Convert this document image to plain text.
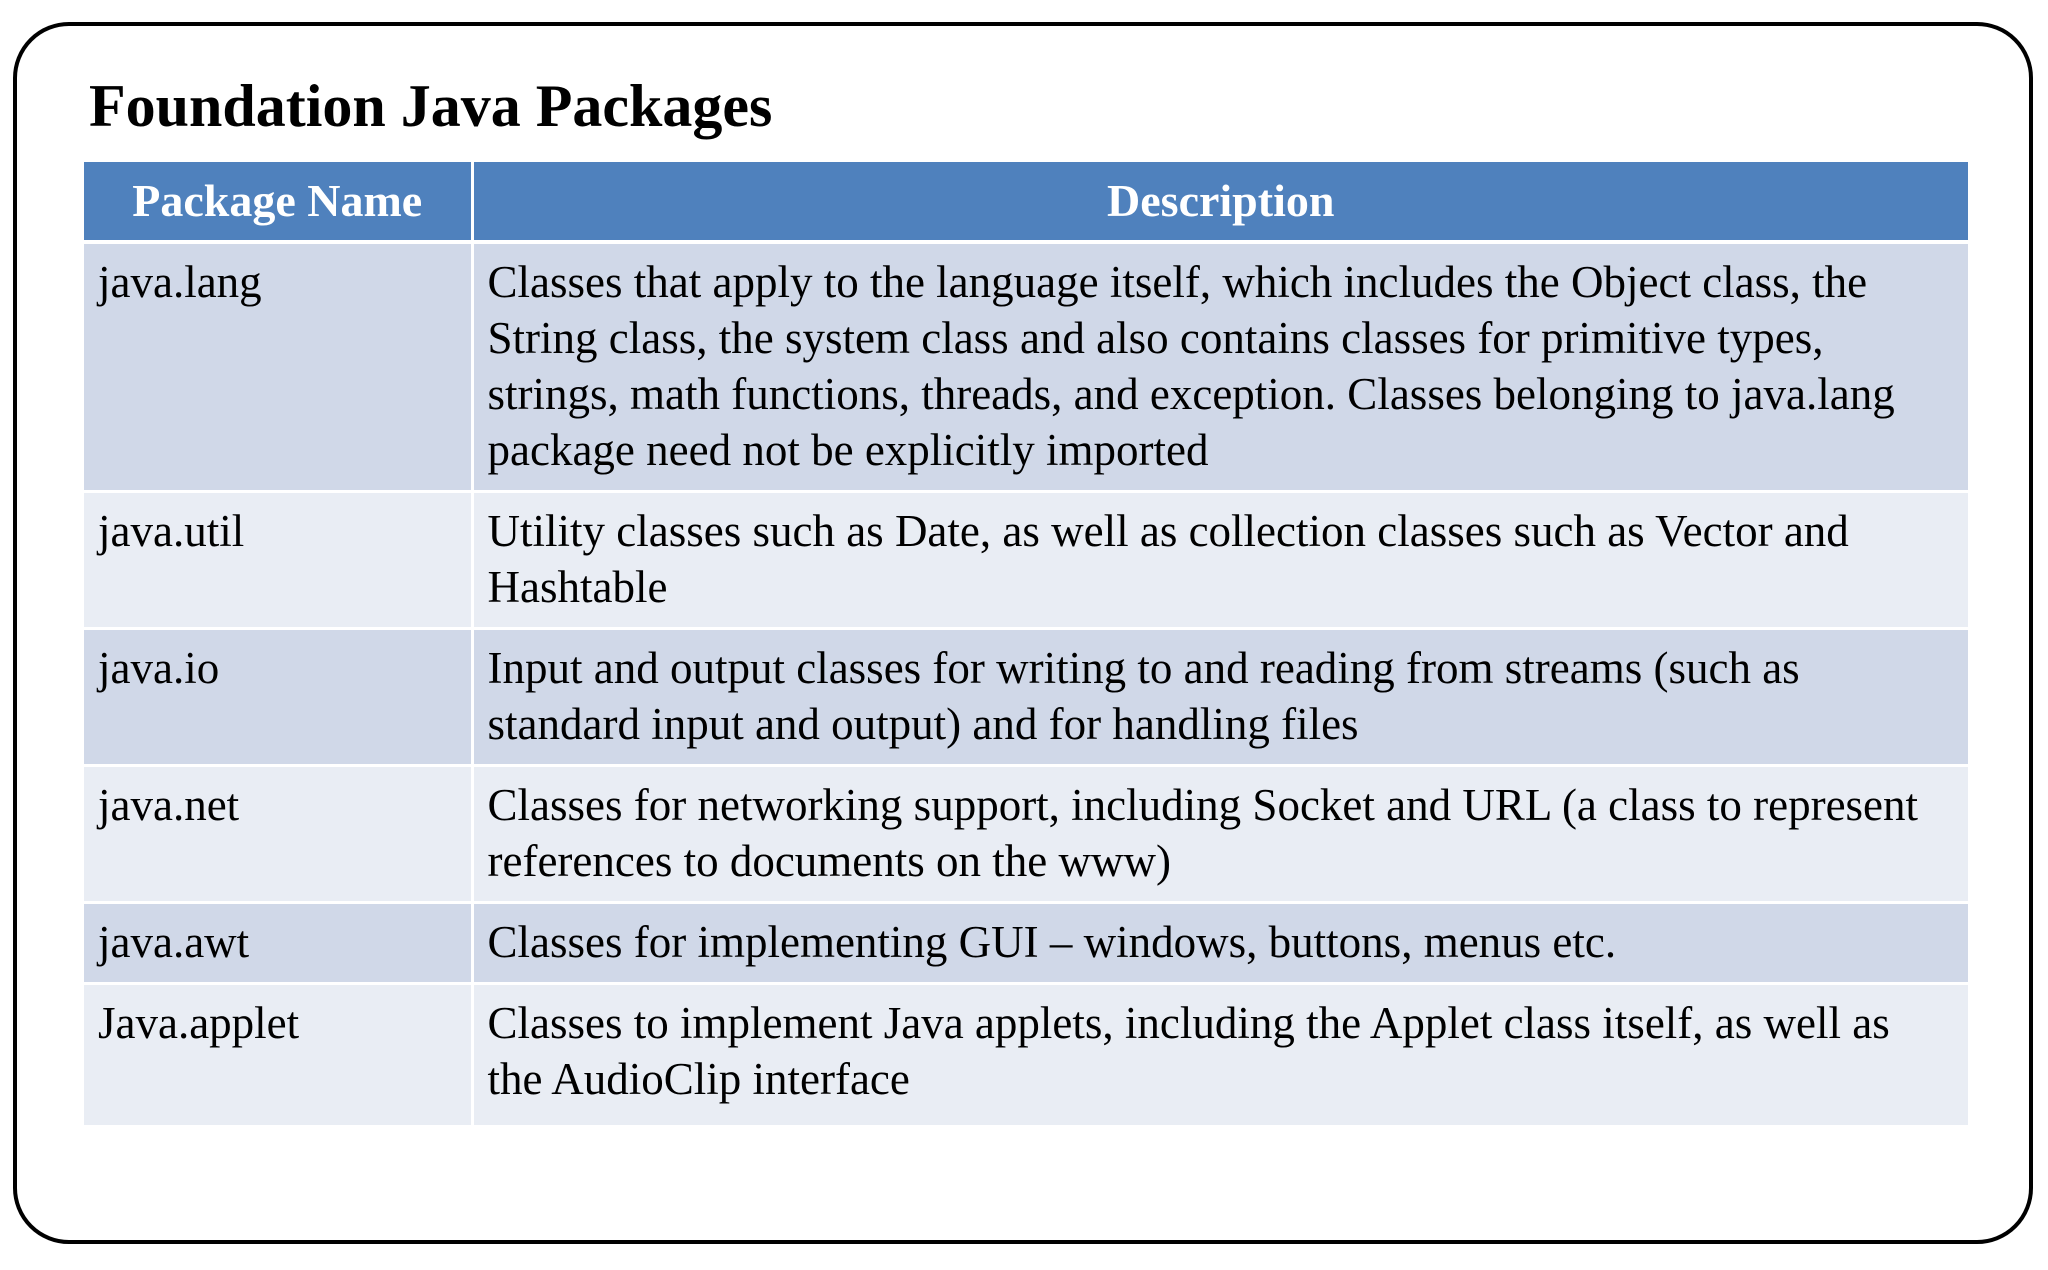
Foundation Java Packages
Package Name	Description
java.lang	Classes that apply to the language itself, which includes the Object class, the String class, the system class and also contains classes for primitive types, strings, math functions, threads, and exception. Classes belonging to java.lang package need not be explicitly imported
java.util	Utility classes such as Date, as well as collection classes such as Vector and Hashtable
java.io	Input and output classes for writing to and reading from streams (such as standard input and output) and for handling files
java.net	Classes for networking support, including Socket and URL (a class to represent references to documents on the www)
java.awt	Classes for implementing GUI – windows, buttons, menus etc.
Java.applet	Classes to implement Java applets, including the Applet class itself, as well as the AudioClip interface
